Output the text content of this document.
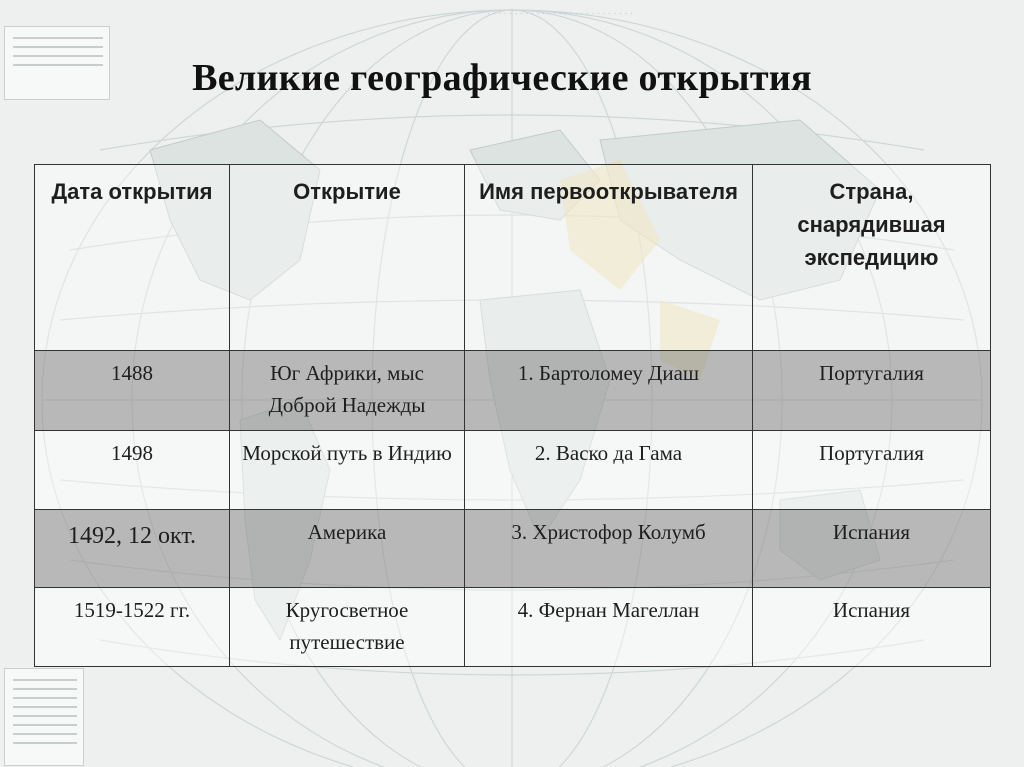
· · · · · · · · · · · · · · · · · · · · · · · · · · ·
Великие географические открытия
Дата открытия	Открытие	Имя первооткрывателя	Страна, снарядившая экспедицию
1488	Юг Африки, мыс Доброй Надежды	1. Бартоломеу Диаш	Португалия
1498	Морской путь в Индию	2. Васко да Гама	Португалия
1492, 12 окт.	Америка	3. Христофор Колумб	Испания
1519-1522 гг.	Кругосветное путешествие	4. Фернан Магеллан	Испания
